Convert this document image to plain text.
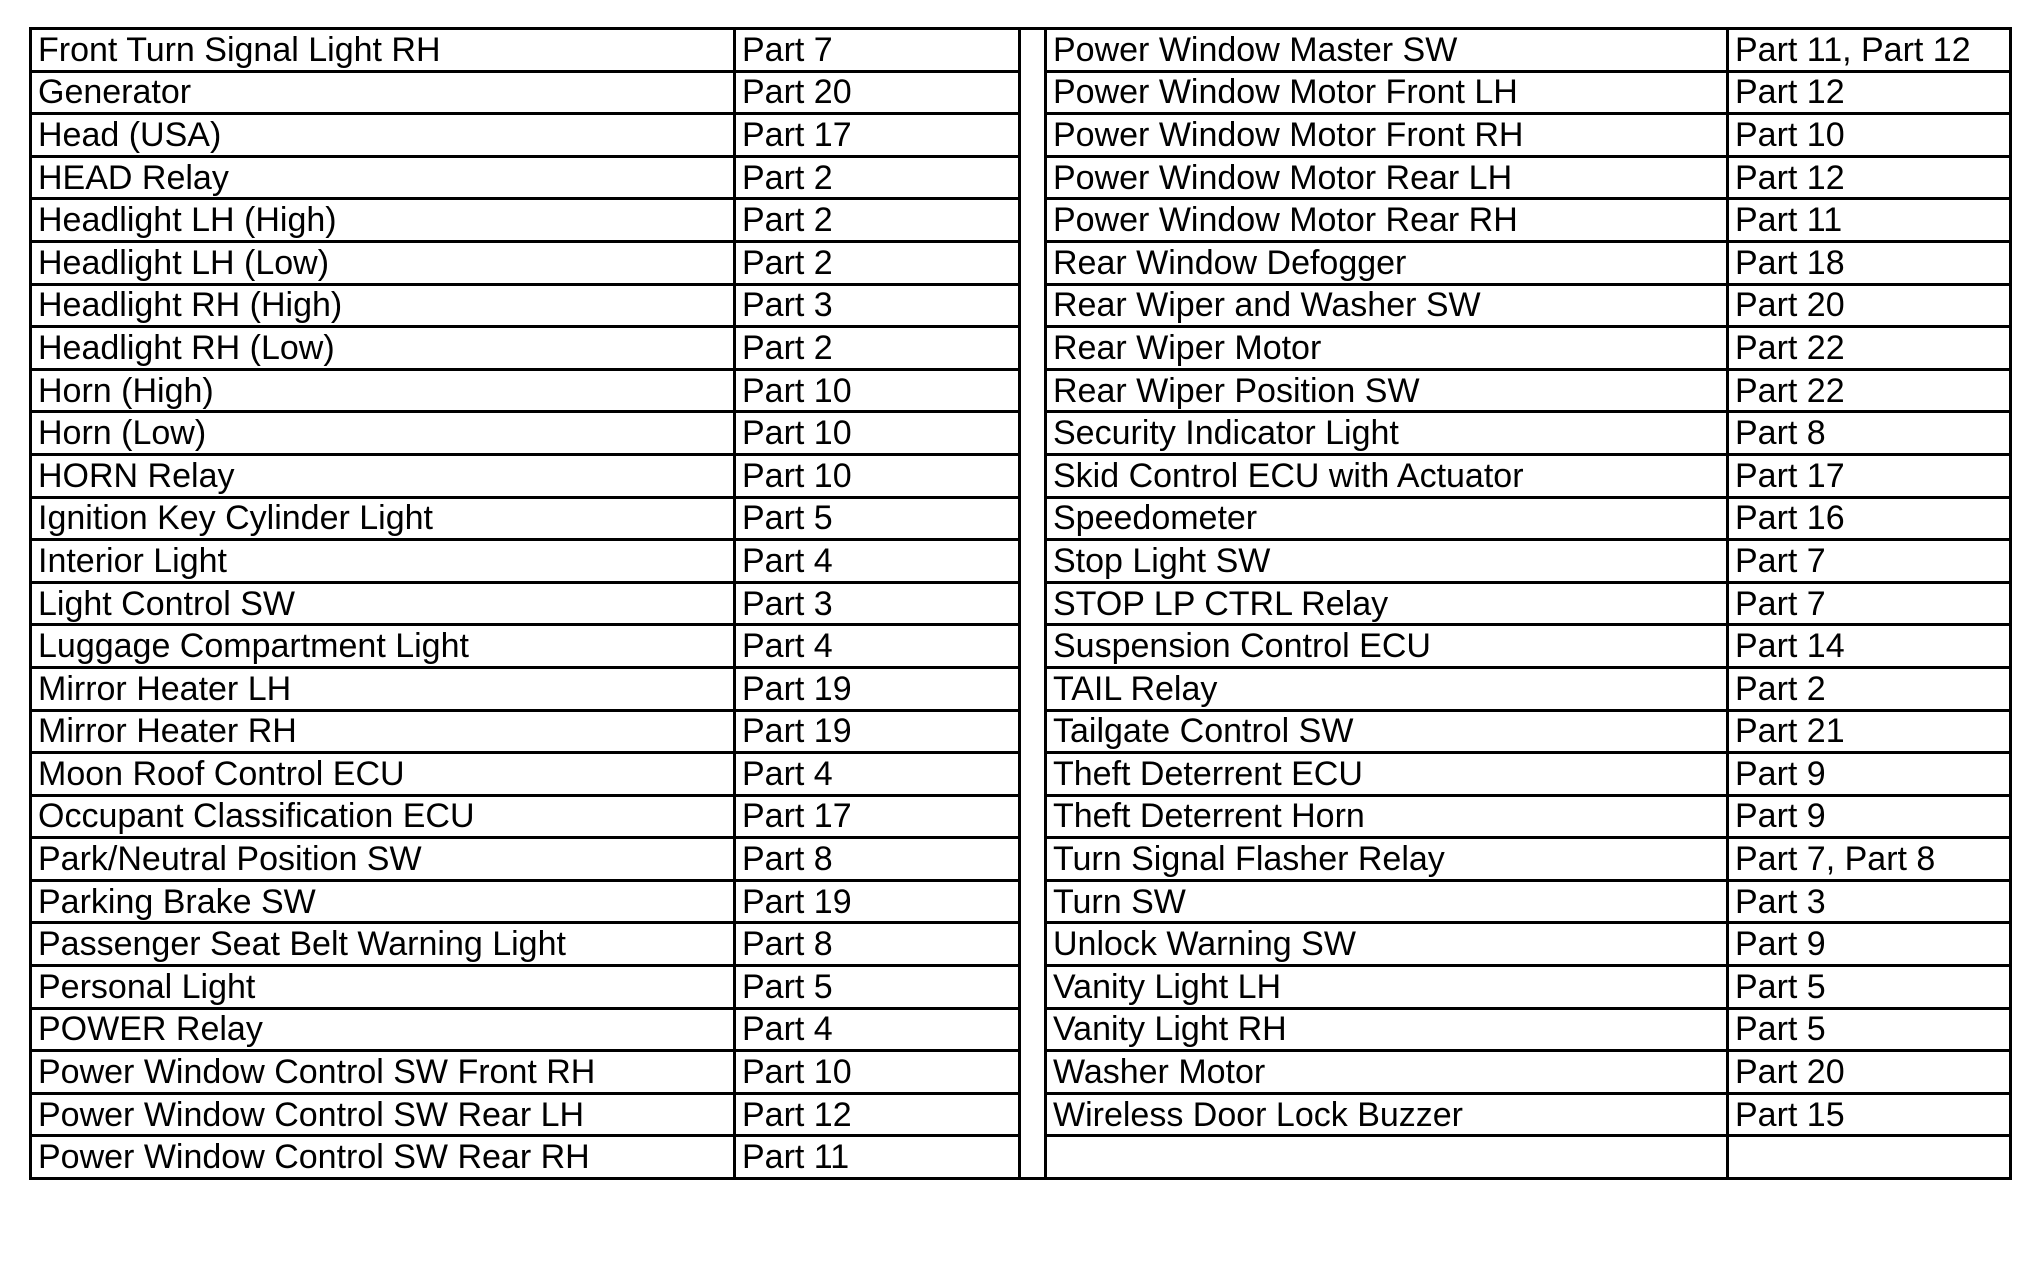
Front Turn Signal Light RH	Part 7		Power Window Master SW	Part 11, Part 12
Generator	Part 20		Power Window Motor Front LH	Part 12
Head (USA)	Part 17		Power Window Motor Front RH	Part 10
HEAD Relay	Part 2		Power Window Motor Rear LH	Part 12
Headlight LH (High)	Part 2		Power Window Motor Rear RH	Part 11
Headlight LH (Low)	Part 2		Rear Window Defogger	Part 18
Headlight RH (High)	Part 3		Rear Wiper and Washer SW	Part 20
Headlight RH (Low)	Part 2		Rear Wiper Motor	Part 22
Horn (High)	Part 10		Rear Wiper Position SW	Part 22
Horn (Low)	Part 10		Security Indicator Light	Part 8
HORN Relay	Part 10		Skid Control ECU with Actuator	Part 17
Ignition Key Cylinder Light	Part 5		Speedometer	Part 16
Interior Light	Part 4		Stop Light SW	Part 7
Light Control SW	Part 3		STOP LP CTRL Relay	Part 7
Luggage Compartment Light	Part 4		Suspension Control ECU	Part 14
Mirror Heater LH	Part 19		TAIL Relay	Part 2
Mirror Heater RH	Part 19		Tailgate Control SW	Part 21
Moon Roof Control ECU	Part 4		Theft Deterrent ECU	Part 9
Occupant Classification ECU	Part 17		Theft Deterrent Horn	Part 9
Park/Neutral Position SW	Part 8		Turn Signal Flasher Relay	Part 7, Part 8
Parking Brake SW	Part 19		Turn SW	Part 3
Passenger Seat Belt Warning Light	Part 8		Unlock Warning SW	Part 9
Personal Light	Part 5		Vanity Light LH	Part 5
POWER Relay	Part 4		Vanity Light RH	Part 5
Power Window Control SW Front RH	Part 10		Washer Motor	Part 20
Power Window Control SW Rear LH	Part 12		Wireless Door Lock Buzzer	Part 15
Power Window Control SW Rear RH	Part 11			
